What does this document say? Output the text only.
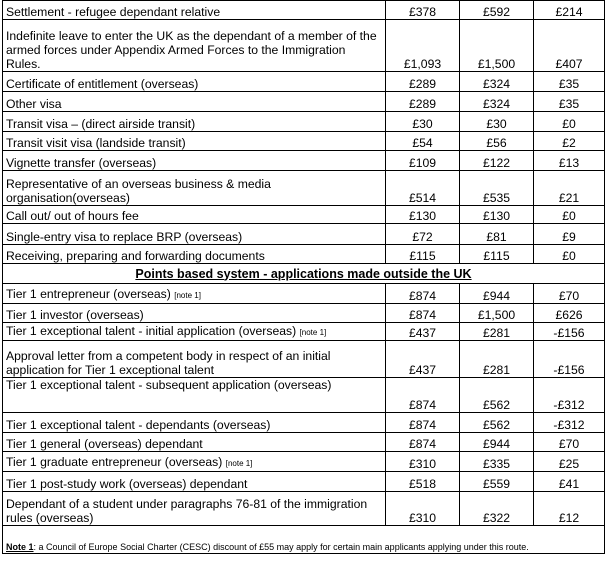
Settlement - refugee dependant relative	£378	£592	£214
Indefinite leave to enter the UK as the dependant of a member of the armed forces under Appendix Armed Forces to the Immigration Rules.	£1,093	£1,500	£407
Certificate of entitlement (overseas)	£289	£324	£35
Other visa	£289	£324	£35
Transit visa – (direct airside transit)	£30	£30	£0
Transit visit visa (landside transit)	£54	£56	£2
Vignette transfer (overseas)	£109	£122	£13
Representative of an overseas business & media organisation(overseas)	£514	£535	£21
Call out/ out of hours fee	£130	£130	£0
Single-entry visa to replace BRP (overseas)	£72	£81	£9
Receiving, preparing and forwarding documents	£115	£115	£0
Points based system - applications made outside the UK			
Tier 1 entrepreneur (overseas) [note 1]	£874	£944	£70
Tier 1 investor (overseas)	£874	£1,500	£626
Tier 1 exceptional talent - initial application (overseas) [note 1]	£437	£281	-£156
Approval letter from a competent body in respect of an initial application for Tier 1 exceptional talent	£437	£281	-£156
Tier 1 exceptional talent - subsequent application (overseas)	£874	£562	-£312
Tier 1 exceptional talent - dependants (overseas)	£874	£562	-£312
Tier 1 general (overseas) dependant	£874	£944	£70
Tier 1 graduate entrepreneur (overseas) [note 1]	£310	£335	£25
Tier 1 post-study work (overseas) dependant	£518	£559	£41
Dependant of a student under paragraphs 76-81 of the immigration rules (overseas)	£310	£322	£12
Note 1: a Council of Europe Social Charter (CESC) discount of £55 may apply for certain main applicants applying under this route.			
